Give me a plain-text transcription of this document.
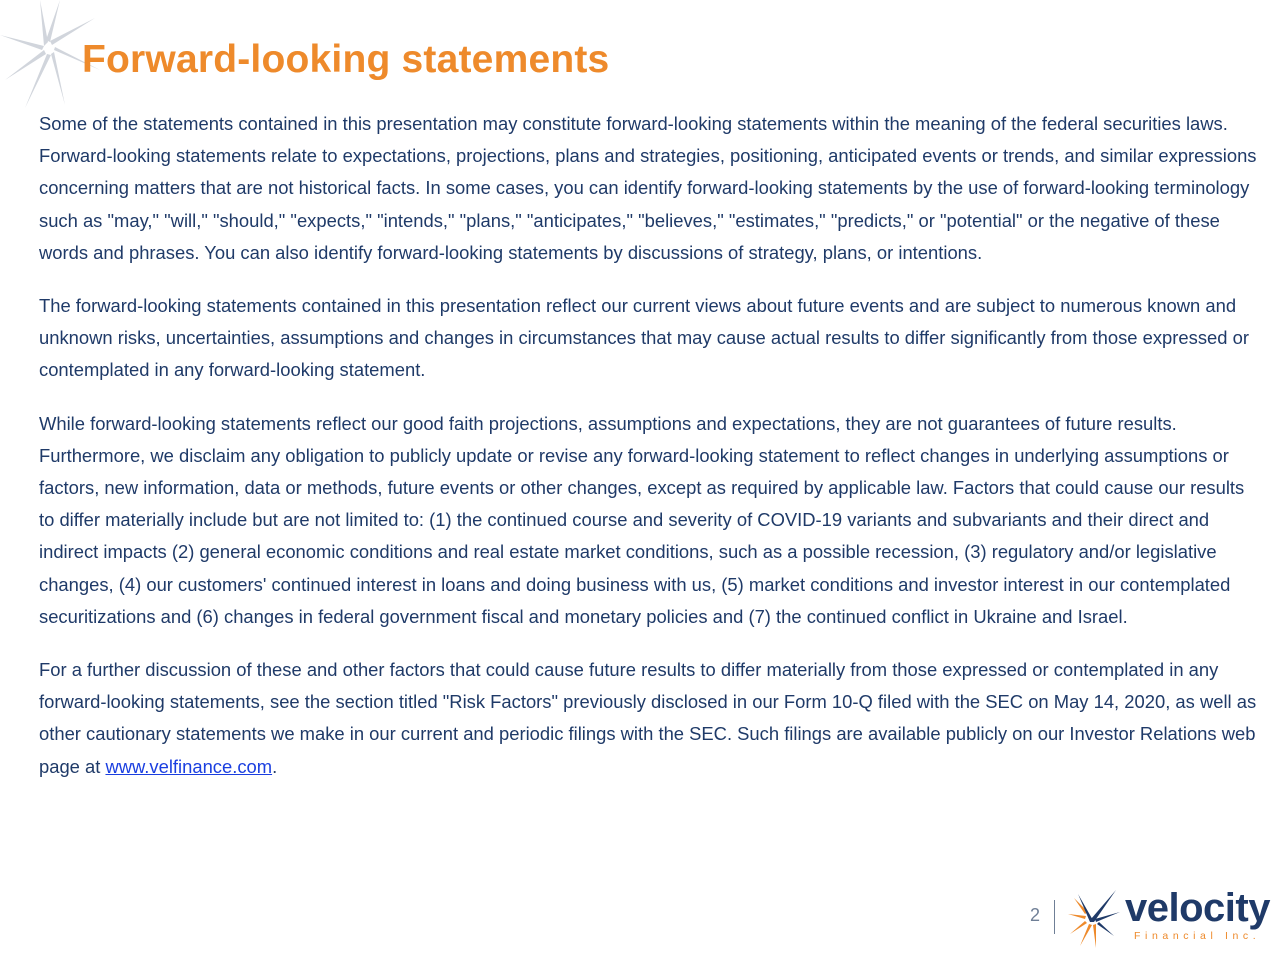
Forward-looking statements

Some of the statements contained in this presentation may constitute forward-looking statements within the meaning of the federal securities laws. Forward-looking statements relate to expectations, projections, plans and strategies, positioning, anticipated events or trends, and similar expressions concerning matters that are not historical facts. In some cases, you can identify forward-looking statements by the use of forward-looking terminology such as "may," "will," "should," "expects," "intends," "plans," "anticipates," "believes," "estimates," "predicts," or "potential" or the negative of these words and phrases. You can also identify forward-looking statements by discussions of strategy, plans, or intentions.

The forward-looking statements contained in this presentation reflect our current views about future events and are subject to numerous known and unknown risks, uncertainties, assumptions and changes in circumstances that may cause actual results to differ significantly from those expressed or contemplated in any forward-looking statement.

While forward-looking statements reflect our good faith projections, assumptions and expectations, they are not guarantees of future results. Furthermore, we disclaim any obligation to publicly update or revise any forward-looking statement to reflect changes in underlying assumptions or factors, new information, data or methods, future events or other changes, except as required by applicable law. Factors that could cause our results to differ materially include but are not limited to: (1) the continued course and severity of COVID-19 variants and subvariants and their direct and indirect impacts (2) general economic conditions and real estate market conditions, such as a possible recession, (3) regulatory and/or legislative changes, (4) our customers' continued interest in loans and doing business with us, (5) market conditions and investor interest in our contemplated securitizations and (6) changes in federal government fiscal and monetary policies and (7) the continued conflict in Ukraine and Israel.

For a further discussion of these and other factors that could cause future results to differ materially from those expressed or contemplated in any forward-looking statements, see the section titled "Risk Factors" previously disclosed in our Form 10-Q filed with the SEC on May 14, 2020, as well as other cautionary statements we make in our current and periodic filings with the SEC. Such filings are available publicly on our Investor Relations web page at www.velfinance.com.

2 velocity
Financial Inc.
